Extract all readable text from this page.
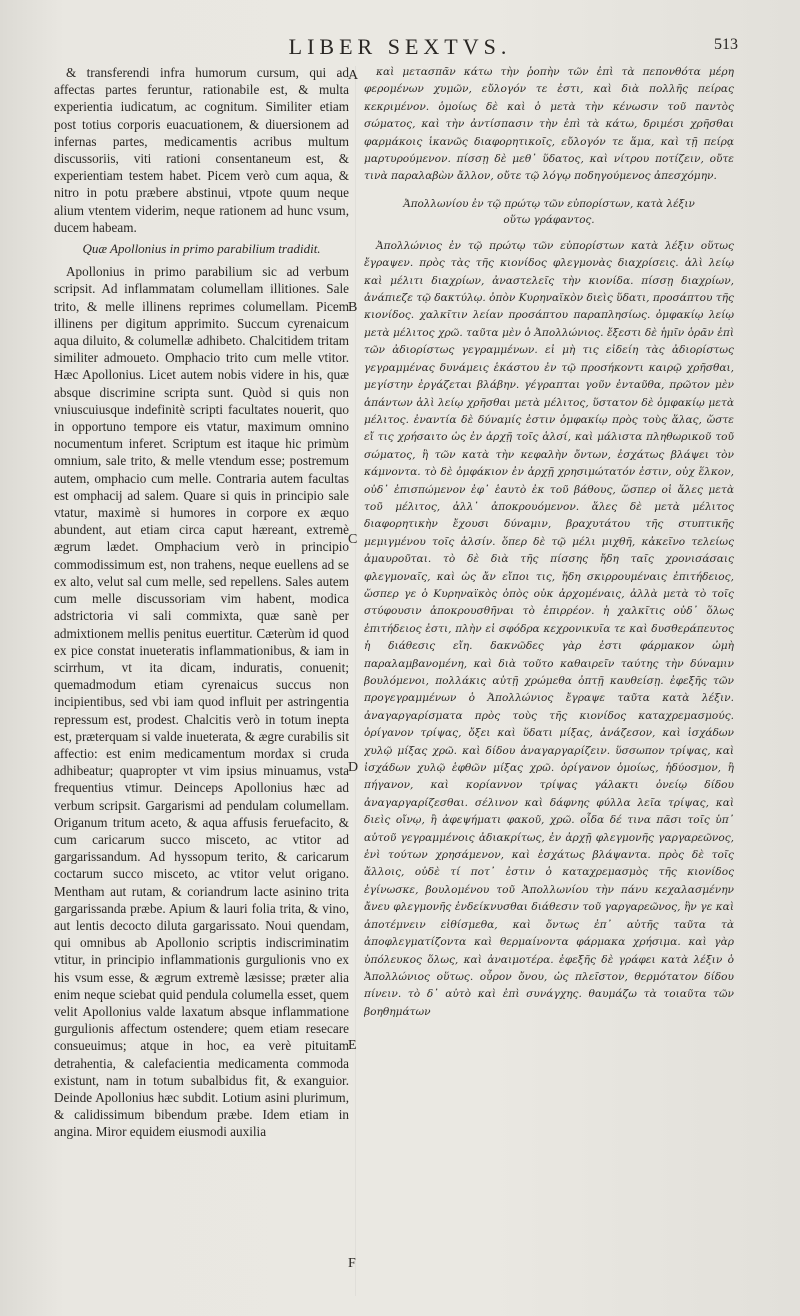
LIBER SEXTVS.	513

& transferendi infra humorum cursum, qui ad affectas partes feruntur, rationabile est, & multa experientia iudicatum, ac cognitum. Similiter etiam post totius corporis euacuationem, & diuersionem ad infernas partes, medicamentis acribus multum discussoriis, viti rationi consentaneum est, & experientiam testem habet. Picem verò cum aqua, & nitro in potu præbere abstinui, vtpote quum neque alium vtentem viderim, neque rationem ad hunc vsum, ducem habeam.

Quæ Apollonius in primo parabilium tradidit.

Apollonius in primo parabilium sic ad verbum scripsit. Ad inflammatam columellam illitiones. Sale trito, & melle illinens reprimes columellam. Picem illinens per digitum apprimito. Succum cyrenaicum aqua diluito, & columellæ adhibeto. Chalcitidem tritam similiter admoueto. Omphacio trito cum melle vtitor. Hæc Apollonius. Licet autem nobis videre in his, quæ absque discrimine scripta sunt. Quòd si quis non vniuscuiusque indefinitè scripti facultates nouerit, quo in opportuno tempore eis vtatur, maximum omnino nocumentum inferet. Scriptum est itaque hic primùm omnium, sale trito, & melle vtendum esse; postremum autem, omphacio cum melle. Contraria autem facultas est omphacij ad salem. Quare si quis in principio sale vtatur, maximè si humores in corpore ex æquo abundent, aut etiam circa caput hæreant, extremè ægrum lædet. Omphacium verò in principio commodissimum est, non trahens, neque euellens ad se ex alto, velut sal cum melle, sed repellens. Sales autem cum melle discussoriam vim habent, modica adstrictoria vi sali commixta, quæ sanè per admixtionem mellis penitus euertitur. Cæterùm id quod ex pice constat inueteratis inflammationibus, & iam in scirrhum, vt ita dicam, induratis, conuenit; quemadmodum etiam cyrenaicus succus non incipientibus, sed vbi iam quod influit per astringentia repressum est, prodest. Chalcitis verò in totum inepta est, præterquam si valde inueterata, & ægre curabilis sit affectio: est enim medicamentum mordax si cruda adhibeatur; quapropter vt vim ipsius minuamus, vsta frequentius vtimur. Deinceps Apollonius hæc ad verbum scripsit. Gargarismi ad pendulam columellam. Origanum tritum aceto, & aqua affusis feruefacito, & cum caricarum succo misceto, ac vtitor ad gargarissandum. Ad hyssopum terito, & caricarum coctarum succo misceto, ac vtitor velut origano. Mentham aut rutam, & coriandrum lacte asinino trita gargarissanda præbe. Apium & lauri folia trita, & vino, aut lentis decocto diluta gargarissato. Noui quendam, qui omnibus ab Apollonio scriptis indiscriminatim vtitur, in principio inflammationis gurgulionis vno ex his vsum esse, & ægrum extremè læsisse; præter alia enim neque sciebat quid pendula columella esset, quem velit Apollonius valde laxatum absque inflammatione gurgulionis affectum ostendere; quem etiam resecare consueuimus; atque in hoc, ea verè pituitam detrahentia, & calefacientia medicamenta commoda existunt, nam in totum subalbidus fit, & exanguior. Deinde Apollonius hæc subdit. Lotium asini plurimum, & calidissimum bibendum præbe. Idem etiam in angina. Miror equidem eiusmodi auxilia

A
B
C
D
E
F

καὶ μετασπᾶν κάτω τὴν ῥοπὴν τῶν ἐπὶ τὰ πεπονθότα μέρη φερομένων χυμῶν, εὔλογόν τε ἐστι, καὶ διὰ πολλῆς πείρας κεκριμένον. ὁμοίως δὲ καὶ ὁ μετὰ τὴν κένωσιν τοῦ παντὸς σώματος, καὶ τὴν ἀντίσπασιν τὴν ἐπὶ τὰ κάτω, δριμέσι χρῆσθαι φαρμάκοις ἱκανῶς διαφορητικοῖς, εὔλογόν τε ἅμα, καὶ τῇ πείρᾳ μαρτυρούμενον. πίσσῃ δὲ μεθ᾽ ὕδατος, καὶ νίτρου ποτίζειν, οὔτε τινὰ παραλαβὼν ἄλλον, οὔτε τῷ λόγῳ ποδηγούμενος ἀπεσχόμην.

Ἀπολλωνίου ἐν τῷ πρώτῳ τῶν εὐπορίστων, κατὰ λέξιν
οὕτω γράφαντος.

Ἀπολλώνιος ἐν τῷ πρώτῳ τῶν εὐπορίστων κατὰ λέξιν οὕτως ἔγραψεν. πρὸς τὰς τῆς κιονίδος φλεγμονὰς διαχρίσεις. ἁλὶ λείῳ καὶ μέλιτι διαχρίων, ἀναστελεῖς τὴν κιονίδα. πίσσῃ διαχρίων, ἀνάπιεζε τῷ δακτύλῳ. ὀπὸν Κυρηναϊκὸν διεὶς ὕδατι, προσάπτου τῆς κιονίδος. χαλκῖτιν λείαν προσάπτου παραπλησίως. ὀμφακίῳ λείῳ μετὰ μέλιτος χρῶ. ταῦτα μὲν ὁ Ἀπολλώνιος. ἔξεστι δὲ ἡμῖν ὁρᾶν ἐπὶ τῶν ἀδιορίστως γεγραμμένων. εἰ μὴ τις εἰδείη τὰς ἀδιορίστως γεγραμμένας δυνάμεις ἑκάστου ἐν τῷ προσήκοντι καιρῷ χρῆσθαι, μεγίστην ἐργάζεται βλάβην. γέγραπται γοῦν ἐνταῦθα, πρῶτον μὲν ἁπάντων ἁλὶ λείῳ χρῆσθαι μετὰ μέλιτος, ὕστατον δὲ ὀμφακίῳ μετὰ μέλιτος. ἐναντία δὲ δύναμίς ἐστιν ὀμφακίῳ πρὸς τοὺς ἅλας, ὥστε εἴ τις χρήσαιτο ὡς ἐν ἀρχῇ τοῖς ἁλσί, καὶ μάλιστα πληθωρικοῦ τοῦ σώματος, ἢ τῶν κατὰ τὴν κεφαλὴν ὄντων, ἐσχάτως βλάψει τὸν κάμνοντα. τὸ δὲ ὀμφάκιον ἐν ἀρχῇ χρησιμώτατόν ἐστιν, οὐχ ἕλκον, οὐδ᾽ ἐπισπώμενον ἐφ᾽ ἑαυτὸ ἐκ τοῦ βάθους, ὥσπερ οἱ ἅλες μετὰ τοῦ μέλιτος, ἀλλ᾽ ἀποκρουόμενον. ἅλες δὲ μετὰ μέλιτος διαφορητικὴν ἔχουσι δύναμιν, βραχυτάτου τῆς στυπτικῆς μεμιγμένου τοῖς ἁλσίν. ὅπερ δὲ τῷ μέλι μιχθῆ, κἀκεῖνο τελείως ἀμαυροῦται. τὸ δὲ διὰ τῆς πίσσης ἤδη ταῖς χρονισάσαις φλεγμοναῖς, καὶ ὡς ἄν εἴποι τις, ἤδη σκιρρουμέναις ἐπιτήδειος, ὥσπερ γε ὁ Κυρηναϊκὸς ὀπὸς οὐκ ἀρχομέναις, ἀλλὰ μετὰ τὸ τοῖς στύφουσιν ἀποκρουσθῆναι τὸ ἐπιρρέον. ἡ χαλκῖτις οὐδ᾽ ὅλως ἐπιτήδειος ἐστι, πλὴν εἰ σφόδρα κεχρονικυῖα τε καὶ δυσθεράπευτος ἡ διάθεσις εἴη. δακνῶδες γὰρ ἐστι φάρμακον ὠμὴ παραλαμβανομένη, καὶ διὰ τοῦτο καθαιρεῖν ταύτης τὴν δύναμιν βουλόμενοι, πολλάκις αὐτῇ χρώμεθα ὀπτῇ καυθείσῃ. ἐφεξῆς τῶν προγεγραμμένων ὁ Ἀπολλώνιος ἔγραψε ταῦτα κατὰ λέξιν. ἀναγαργαρίσματα πρὸς τοὺς τῆς κιονίδος καταχρεμασμούς. ὀρίγανον τρίψας, ὄξει καὶ ὕδατι μίξας, ἀνάζεσον, καὶ ἰσχάδων χυλῷ μίξας χρῶ. καὶ δίδου ἀναγαργαρίζειν. ὕσσωπον τρίψας, καὶ ἰσχάδων χυλῷ ἑφθῶν μίξας χρῶ. ὀρίγανον ὁμοίως, ἡδύοσμον, ἢ πήγανον, καὶ κορίαννον τρίψας γάλακτι ὀνείῳ δίδου ἀναγαργαρίζεσθαι. σέλινον καὶ δάφνης φύλλα λεῖα τρίψας, καὶ διεὶς οἴνῳ, ἢ ἀφεψήματι φακοῦ, χρῶ. οἶδα δέ τινα πᾶσι τοῖς ὑπ᾽ αὐτοῦ γεγραμμένοις ἀδιακρίτως, ἐν ἀρχῇ φλεγμονῆς γαργαρεῶνος, ἑνὶ τούτων χρησάμενον, καὶ ἐσχάτως βλάψαντα. πρὸς δὲ τοῖς ἄλλοις, οὐδὲ τί ποτ᾽ ἐστιν ὁ καταχρεμασμὸς τῆς κιονίδος ἐγίνωσκε, βουλομένου τοῦ Ἀπολλωνίου τὴν πάνυ κεχαλασμένην ἄνευ φλεγμονῆς ἐνδείκνυσθαι διάθεσιν τοῦ γαργαρεῶνος, ἣν γε καὶ ἀποτέμνειν εἰθίσμεθα, καὶ ὄντως ἐπ᾽ αὐτῆς ταῦτα τὰ ἀποφλεγματίζοντα καὶ θερμαίνοντα φάρμακα χρήσιμα. καὶ γὰρ ὑπόλευκος ὅλως, καὶ ἀναιμοτέρα. ἐφεξῆς δὲ γράφει κατὰ λέξιν ὁ Ἀπολλώνιος οὕτως. οὖρον ὄνου, ὡς πλεῖστον, θερμότατον δίδου πίνειν. τὸ δ᾽ αὐτὸ καὶ ἐπὶ συνάγχης. θαυμάζω τὰ τοιαῦτα τῶν βοηθημάτων
